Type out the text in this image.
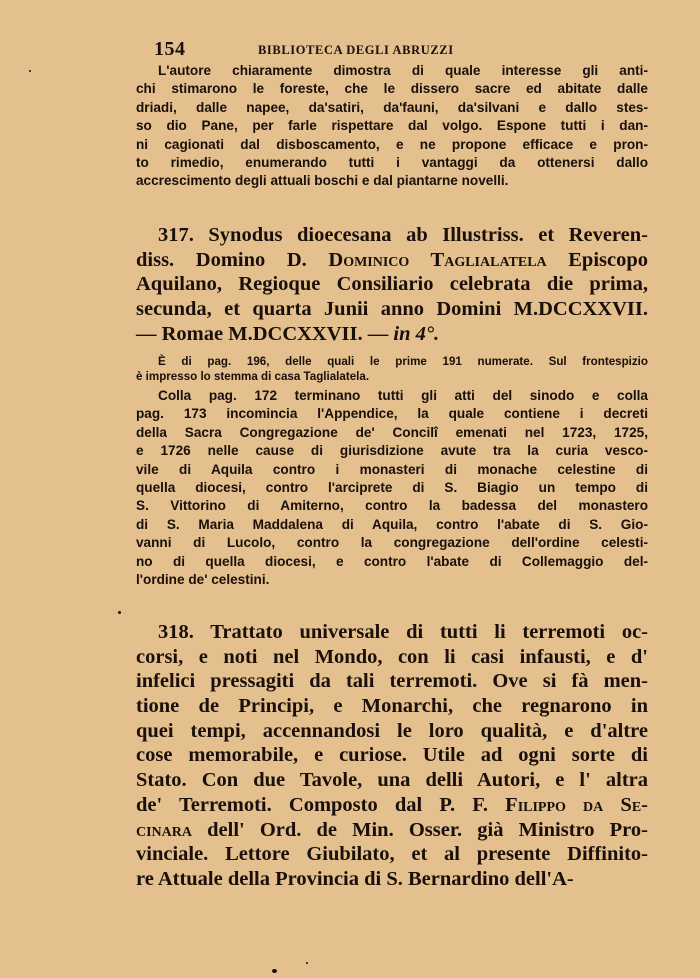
154	BIBLIOTECA DEGLI ABRUZZI
L'autore chiaramente dimostra di quale interesse gli anti-
chi stimarono le foreste, che le dissero sacre ed abitate dalle
driadi, dalle napee, da'satiri, da'fauni, da'silvani e dallo stes-
so dio Pane, per farle rispettare dal volgo. Espone tutti i dan-
ni cagionati dal disboscamento, e ne propone efficace e pron-
to rimedio, enumerando tutti i vantaggi da ottenersi dallo
accrescimento degli attuali boschi e dal piantarne novelli.
317. Synodus dioecesana ab Illustriss. et Reveren-
diss. Domino D. Dominico Taglialatela Episcopo
Aquilano, Regioque Consiliario celebrata die prima,
secunda, et quarta Junii anno Domini M.DCCXXVII.
— Romae M.DCCXXVII. — in 4°.
È di pag. 196, delle quali le prime 191 numerate. Sul frontespizio
è impresso lo stemma di casa Taglialatela.
Colla pag. 172 terminano tutti gli atti del sinodo e colla
pag. 173 incomincia l'Appendice, la quale contiene i decreti
della Sacra Congregazione de' Concilî emenati nel 1723, 1725,
e 1726 nelle cause di giurisdizione avute tra la curia vesco-
vile di Aquila contro i monasteri di monache celestine di
quella diocesi, contro l'arciprete di S. Biagio un tempo di
S. Vittorino di Amiterno, contro la badessa del monastero
di S. Maria Maddalena di Aquila, contro l'abate di S. Gio-
vanni di Lucolo, contro la congregazione dell'ordine celesti-
no di quella diocesi, e contro l'abate di Collemaggio del-
l'ordine de' celestini.
318. Trattato universale di tutti li terremoti oc-
corsi, e noti nel Mondo, con li casi infausti, e d'
infelici pressagiti da tali terremoti. Ove si fà men-
tione de Principi, e Monarchi, che regnarono in
quei tempi, accennandosi le loro qualità, e d'altre
cose memorabile, e curiose. Utile ad ogni sorte di
Stato. Con due Tavole, una delli Autori, e l' altra
de' Terremoti. Composto dal P. F. Filippo da Se-
cinara dell' Ord. de Min. Osser. già Ministro Pro-
vinciale. Lettore Giubilato, et al presente Diffinito-
re Attuale della Provincia di S. Bernardino dell'A-
